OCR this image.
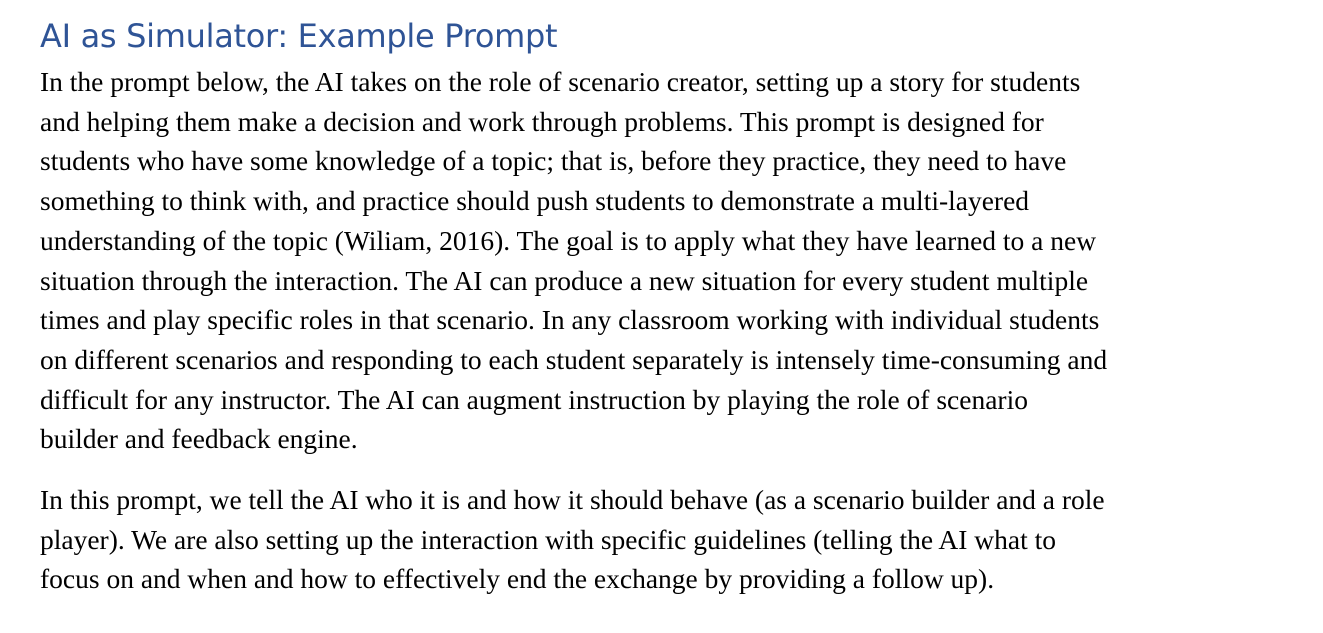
AI as Simulator: Example Prompt
In the prompt below, the AI takes on the role of scenario creator, setting up a story for students
and helping them make a decision and work through problems. This prompt is designed for
students who have some knowledge of a topic; that is, before they practice, they need to have
something to think with, and practice should push students to demonstrate a multi-layered
understanding of the topic (Wiliam, 2016). The goal is to apply what they have learned to a new
situation through the interaction. The AI can produce a new situation for every student multiple
times and play specific roles in that scenario. In any classroom working with individual students
on different scenarios and responding to each student separately is intensely time-consuming and
difficult for any instructor. The AI can augment instruction by playing the role of scenario
builder and feedback engine.
In this prompt, we tell the AI who it is and how it should behave (as a scenario builder and a role
player). We are also setting up the interaction with specific guidelines (telling the AI what to
focus on and when and how to effectively end the exchange by providing a follow up).
